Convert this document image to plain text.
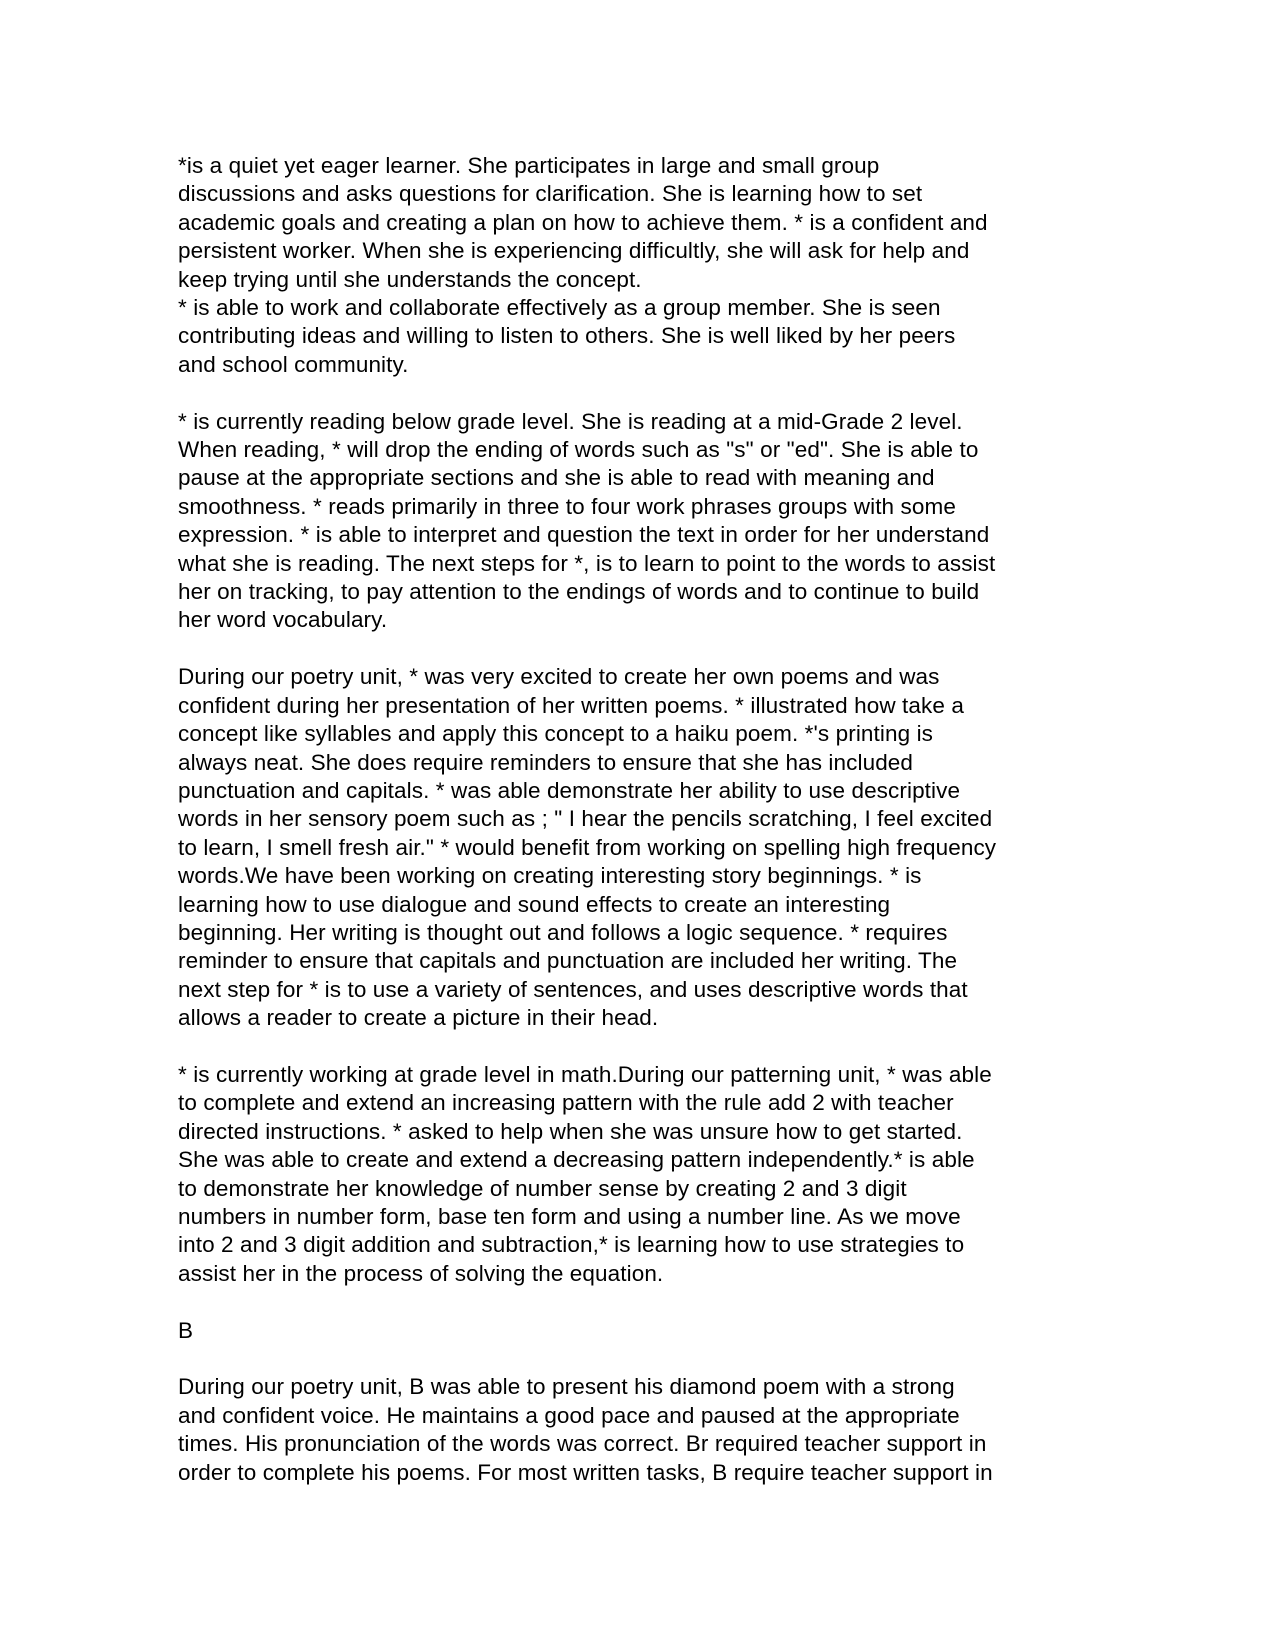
*is a quiet yet eager learner. She participates in large and small group
discussions and asks questions for clarification. She is learning how to set
academic goals and creating a plan on how to achieve them. * is a confident and
persistent worker. When she is experiencing difficultly, she will ask for help and
keep trying until she understands the concept.
* is able to work and collaborate effectively as a group member. She is seen
contributing ideas and willing to listen to others. She is well liked by her peers
and school community.
* is currently reading below grade level. She is reading at a mid-Grade 2 level.
When reading, * will drop the ending of words such as "s" or "ed". She is able to
pause at the appropriate sections and she is able to read with meaning and
smoothness. * reads primarily in three to four work phrases groups with some
expression. * is able to interpret and question the text in order for her understand
what she is reading. The next steps for *, is to learn to point to the words to assist
her on tracking, to pay attention to the endings of words and to continue to build
her word vocabulary.
During our poetry unit, * was very excited to create her own poems and was
confident during her presentation of her written poems. * illustrated how take a
concept like syllables and apply this concept to a haiku poem. *'s printing is
always neat. She does require reminders to ensure that she has included
punctuation and capitals. * was able demonstrate her ability to use descriptive
words in her sensory poem such as ; " I hear the pencils scratching, I feel excited
to learn, I smell fresh air." * would benefit from working on spelling high frequency
words.We have been working on creating interesting story beginnings. * is
learning how to use dialogue and sound effects to create an interesting
beginning. Her writing is thought out and follows a logic sequence. * requires
reminder to ensure that capitals and punctuation are included her writing. The
next step for * is to use a variety of sentences, and uses descriptive words that
allows a reader to create a picture in their head.
* is currently working at grade level in math.During our patterning unit, * was able
to complete and extend an increasing pattern with the rule add 2 with teacher
directed instructions. * asked to help when she was unsure how to get started.
She was able to create and extend a decreasing pattern independently.* is able
to demonstrate her knowledge of number sense by creating 2 and 3 digit
numbers in number form, base ten form and using a number line. As we move
into 2 and 3 digit addition and subtraction,* is learning how to use strategies to
assist her in the process of solving the equation.
B
During our poetry unit, B was able to present his diamond poem with a strong
and confident voice. He maintains a good pace and paused at the appropriate
times. His pronunciation of the words was correct. Br required teacher support in
order to complete his poems. For most written tasks, B require teacher support in
